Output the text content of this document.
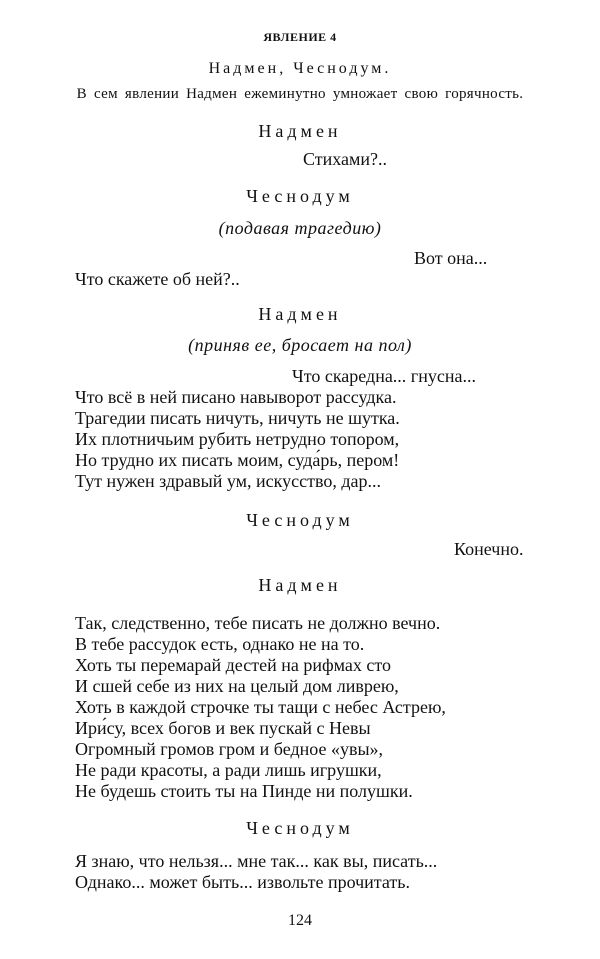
ЯВЛЕНИЕ 4
Надмен, Чеснодум.
В сем явлении Надмен ежеминутно умножает свою горячность.
Надмен
Стихами?..
Чеснодум
(подавая трагедию)
Вот она...
Что скажете об ней?..
Надмен
(приняв ее, бросает на пол)
Что скаредна... гнусна...
Что всё в ней писано навыворот рассудка.
Трагедии писать ничуть, ничуть не шутка.
Их плотничьим рубить нетрудно топором,
Но трудно их писать моим, суда́рь, пером!
Тут нужен здравый ум, искусство, дар...
Чеснодум
Конечно.
Надмен
Так, следственно, тебе писать не должно вечно.
В тебе рассудок есть, однако не на то.
Хоть ты перемарай дестей на рифмах сто
И сшей себе из них на целый дом ливрею,
Хоть в каждой строчке ты тащи с небес Астрею,
Ири́су, всех богов и век пускай с Невы
Огромный громов гром и бедное «увы»,
Не ради красоты, а ради лишь игрушки,
Не будешь стоить ты на Пинде ни полушки.
Чеснодум
Я знаю, что нельзя... мне так... как вы, писать...
Однако... может быть... извольте прочитать.
124
